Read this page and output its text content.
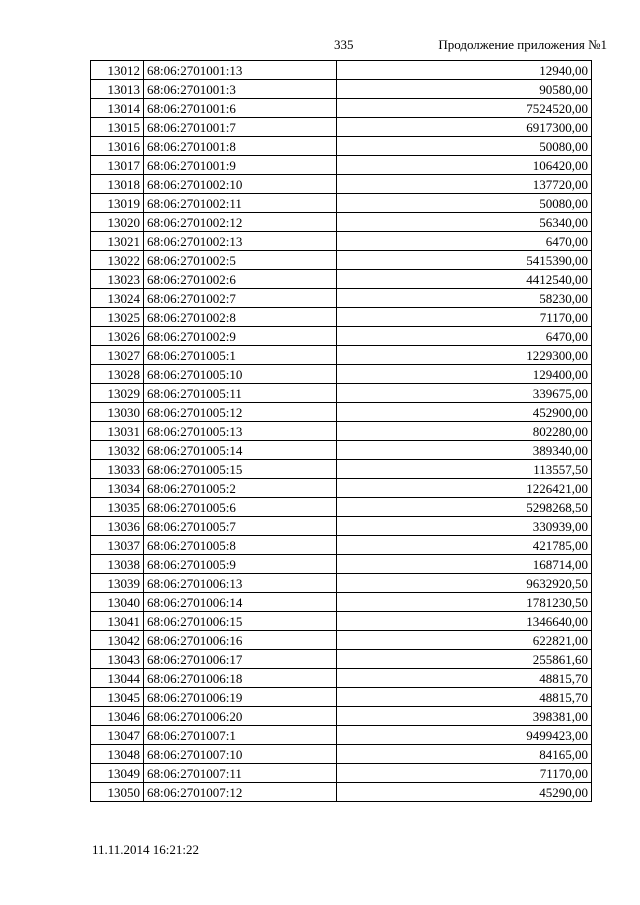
335	Продолжение приложения №1
13012	68:06:2701001:13	12940,00
13013	68:06:2701001:3	90580,00
13014	68:06:2701001:6	7524520,00
13015	68:06:2701001:7	6917300,00
13016	68:06:2701001:8	50080,00
13017	68:06:2701001:9	106420,00
13018	68:06:2701002:10	137720,00
13019	68:06:2701002:11	50080,00
13020	68:06:2701002:12	56340,00
13021	68:06:2701002:13	6470,00
13022	68:06:2701002:5	5415390,00
13023	68:06:2701002:6	4412540,00
13024	68:06:2701002:7	58230,00
13025	68:06:2701002:8	71170,00
13026	68:06:2701002:9	6470,00
13027	68:06:2701005:1	1229300,00
13028	68:06:2701005:10	129400,00
13029	68:06:2701005:11	339675,00
13030	68:06:2701005:12	452900,00
13031	68:06:2701005:13	802280,00
13032	68:06:2701005:14	389340,00
13033	68:06:2701005:15	113557,50
13034	68:06:2701005:2	1226421,00
13035	68:06:2701005:6	5298268,50
13036	68:06:2701005:7	330939,00
13037	68:06:2701005:8	421785,00
13038	68:06:2701005:9	168714,00
13039	68:06:2701006:13	9632920,50
13040	68:06:2701006:14	1781230,50
13041	68:06:2701006:15	1346640,00
13042	68:06:2701006:16	622821,00
13043	68:06:2701006:17	255861,60
13044	68:06:2701006:18	48815,70
13045	68:06:2701006:19	48815,70
13046	68:06:2701006:20	398381,00
13047	68:06:2701007:1	9499423,00
13048	68:06:2701007:10	84165,00
13049	68:06:2701007:11	71170,00
13050	68:06:2701007:12	45290,00
11.11.2014 16:21:22
